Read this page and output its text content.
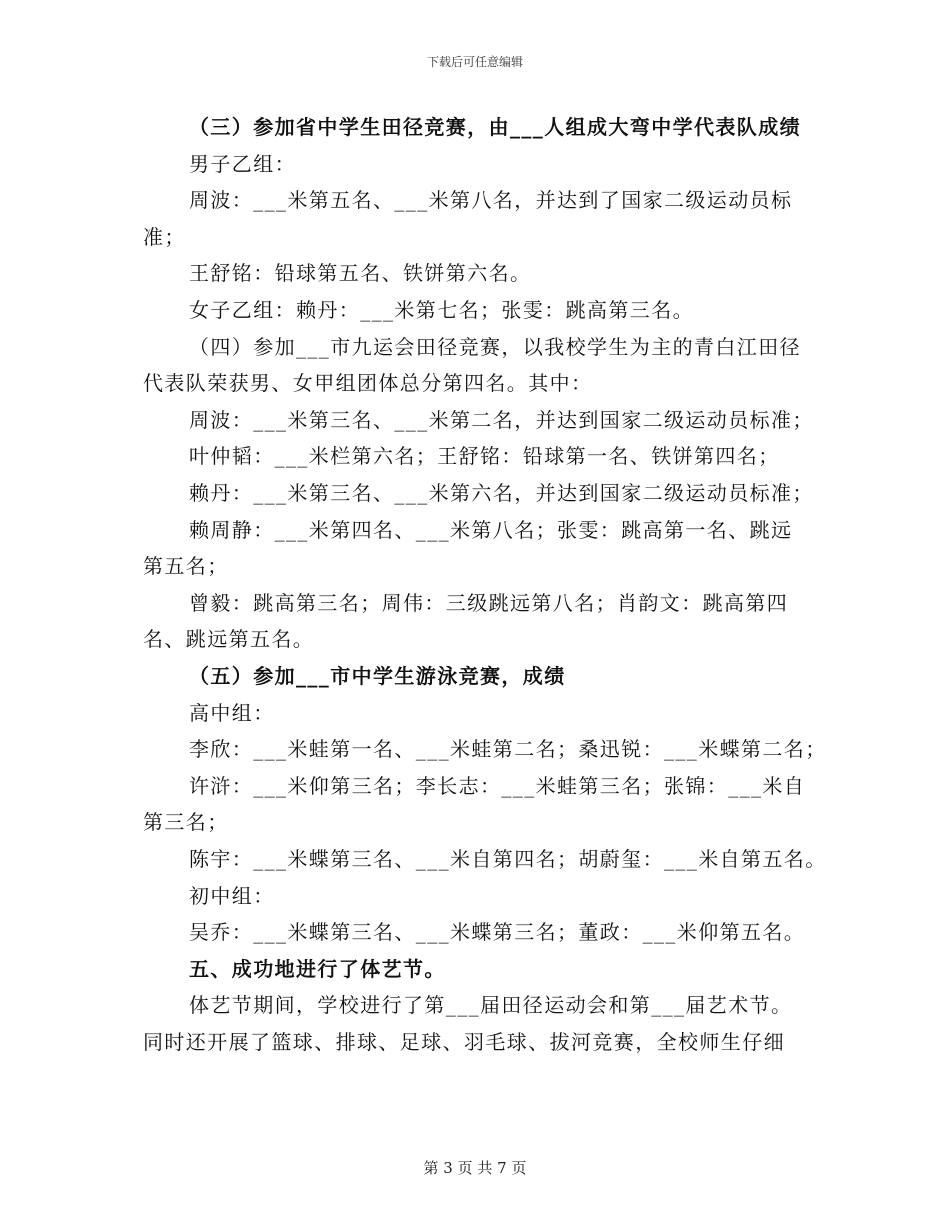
下载后可任意编辑
（三）参加省中学生田径竞赛，由___人组成大弯中学代表队成绩
男子乙组：
周波：___米第五名、___米第八名，并达到了国家二级运动员标
准；
王舒铭：铅球第五名、铁饼第六名。
女子乙组：赖丹：___米第七名；张雯：跳高第三名。
（四）参加___市九运会田径竞赛，以我校学生为主的青白江田径
代表队荣获男、女甲组团体总分第四名。其中：
周波：___米第三名、___米第二名，并达到国家二级运动员标准；
叶仲韬：___米栏第六名；王舒铭：铅球第一名、铁饼第四名；
赖丹：___米第三名、___米第六名，并达到国家二级运动员标准；
赖周静：___米第四名、___米第八名；张雯：跳高第一名、跳远
第五名；
曾毅：跳高第三名；周伟：三级跳远第八名；肖韵文：跳高第四
名、跳远第五名。
（五）参加___市中学生游泳竞赛，成绩
高中组：
李欣：___米蛙第一名、___米蛙第二名；桑迅锐：___米蝶第二名；
许浒：___米仰第三名；李长志：___米蛙第三名；张锦：___米自
第三名；
陈宇：___米蝶第三名、___米自第四名；胡蔚玺：___米自第五名。
初中组：
吴乔：___米蝶第三名、___米蝶第三名；董政：___米仰第五名。
五、成功地进行了体艺节。
体艺节期间，学校进行了第___届田径运动会和第___届艺术节。
同时还开展了篮球、排球、足球、羽毛球、拔河竞赛，全校师生仔细
第 3 页 共 7 页
